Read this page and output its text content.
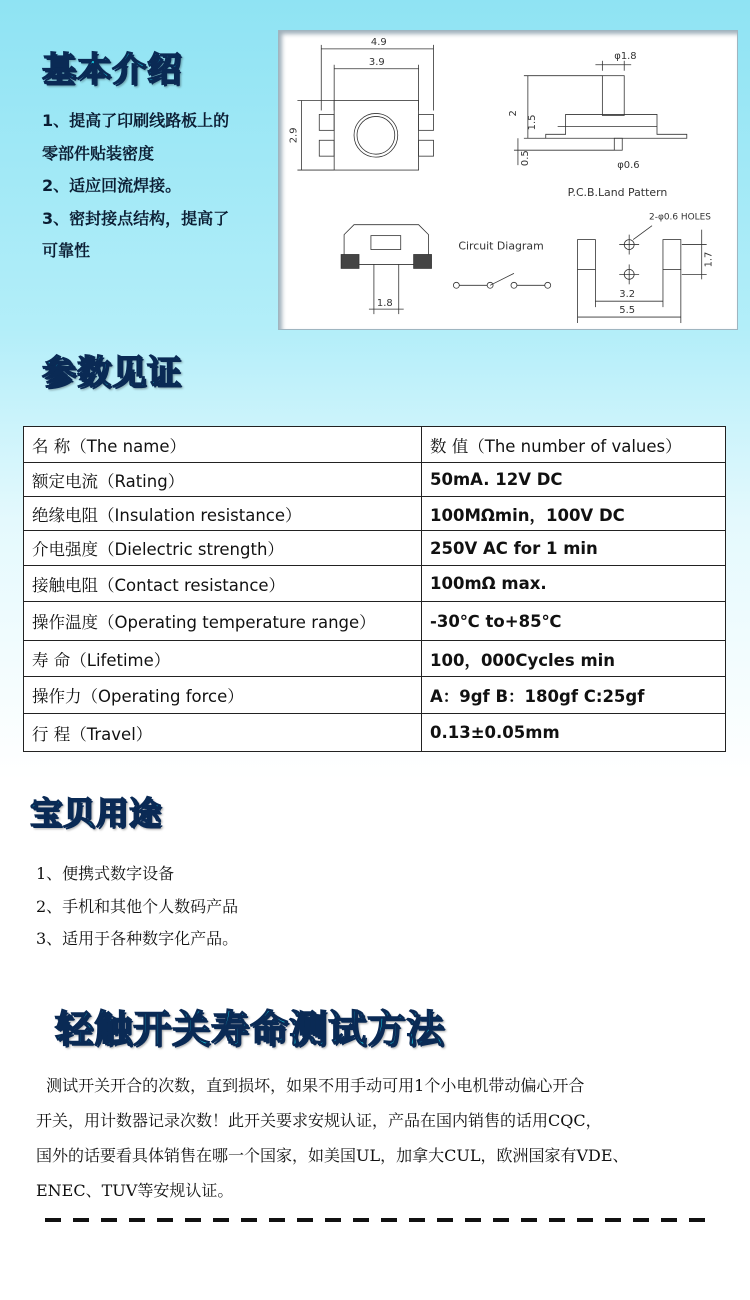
基本介绍

1、提高了印刷线路板上的

零部件贴装密度

2、适应回流焊接。

3、密封接点结构，提高了

可靠性

4.9
3.9
2.9
φ1.8
2
1.5
0.5	φ0.6
P.C.B.Land Pattern
2-φ0.6 HOLES
Circuit Diagram
1.8
1.7
3.2
5.5
参数见证
名 称（The name）	数 值（The number of values）
额定电流（Rating）	50mA. 12V DC
绝缘电阻（Insulation resistance）	100MΩmin，100V DC
介电强度（Dielectric strength）	250V AC for 1 min
接触电阻（Contact resistance）	100mΩ max.
操作温度（Operating temperature range）	-30℃ to+85℃
寿 命（Lifetime）	100，000Cycles min
操作力（Operating force）	A：9gf B：180gf C:25gf
行 程（Travel）	0.13±0.05mm
宝贝用途

1、便携式数字设备

2、手机和其他个人数码产品

3、适用于各种数字化产品。

轻触开关寿命测试方法
测试开关开合的次数，直到损坏，如果不用手动可用1个小电机带动偏心开合
开关，用计数器记录次数！此开关要求安规认证，产品在国内销售的话用CQC，
国外的话要看具体销售在哪一个国家，如美国UL，加拿大CUL，欧洲国家有VDE、
ENEC、TUV等安规认证。
